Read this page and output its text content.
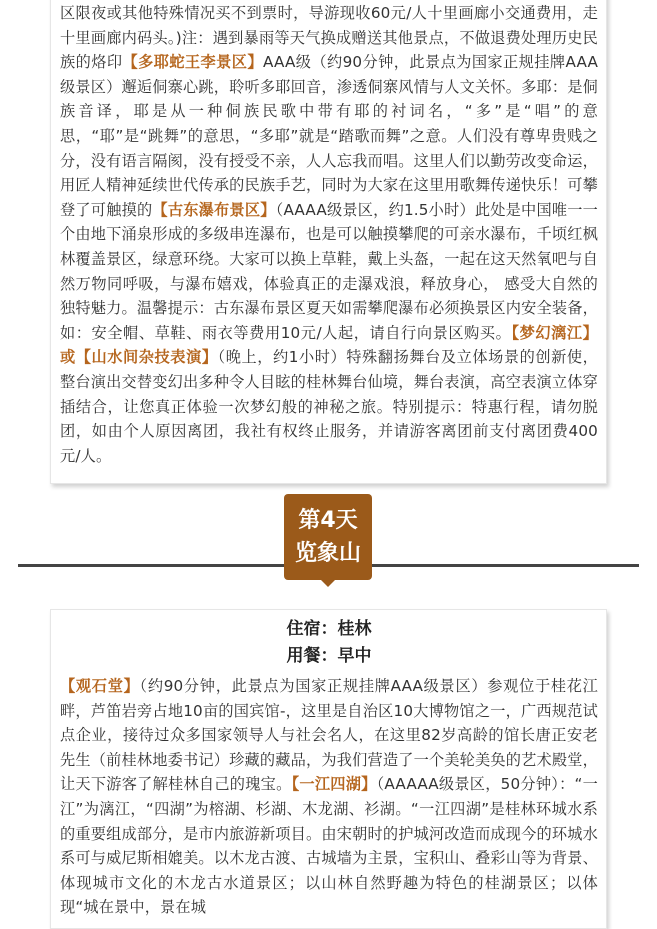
区限夜或其他特殊情况买不到票时，导游现收60元/人十里画廊小交通费用，走十里画廊内码头。)注：遇到暴雨等天气换成赠送其他景点，不做退费处理历史民族的烙印【多耶蛇王李景区】AAA级（约90分钟，此景点为国家正规挂牌AAA级景区）邂逅侗寨心跳，聆听多耶回音，渗透侗寨风情与人文关怀。多耶：是侗族音译，耶是从一种侗族民歌中带有耶的衬词名，“多”是“唱”的意思，“耶”是“跳舞”的意思，“多耶”就是“踏歌而舞”之意。人们没有尊卑贵贱之分，没有语言隔阂，没有授受不亲，人人忘我而唱。这里人们以勤劳改变命运，用匠人精神延续世代传承的民族手艺，同时为大家在这里用歌舞传递快乐！可攀登了可触摸的【古东瀑布景区】（AAAA级景区，约1.5小时）此处是中国唯一一个由地下涌泉形成的多级串连瀑布，也是可以触摸攀爬的可亲水瀑布，千顷红枫林覆盖景区，绿意环绕。大家可以换上草鞋，戴上头盔，一起在这天然氧吧与自然万物同呼吸，与瀑布嬉戏，体验真正的走瀑戏浪，释放身心， 感受大自然的独特魅力。温馨提示：古东瀑布景区夏天如需攀爬瀑布必须换景区内安全装备，如：安全帽、草鞋、雨衣等费用10元/人起，请自行向景区购买。【梦幻漓江】或【山水间杂技表演】（晚上，约1小时）特殊翻扬舞台及立体场景的创新使，整台演出交替变幻出多种令人目眩的桂林舞台仙境，舞台表演，高空表演立体穿插结合，让您真正体验一次梦幻般的神秘之旅。特别提示：特惠行程，请勿脱团，如由个人原因离团，我社有权终止服务，并请游客离团前支付离团费400元/人。

第4天
览象山
住宿：桂林
用餐：早中

【观石堂】（约90分钟，此景点为国家正规挂牌AAA级景区）参观位于桂花江畔，芦笛岩旁占地10亩的国宾馆-，这里是自治区10大博物馆之一，广西规范试点企业，接待过众多国家领导人与社会名人，在这里82岁高龄的馆长唐正安老先生（前桂林地委书记）珍藏的藏品，为我们营造了一个美轮美奂的艺术殿堂，让天下游客了解桂林自己的瑰宝。【一江四湖】（AAAAA级景区，50分钟）：“一江”为漓江，“四湖”为榕湖、杉湖、木龙湖、衫湖。“一江四湖”是桂林环城水系的重要组成部分，是市内旅游新项目。由宋朝时的护城河改造而成现今的环城水系可与威尼斯相媲美。以木龙古渡、古城墙为主景，宝积山、叠彩山等为背景、体现城市文化的木龙古水道景区；以山林自然野趣为特色的桂湖景区；以体现“城在景中，景在城
